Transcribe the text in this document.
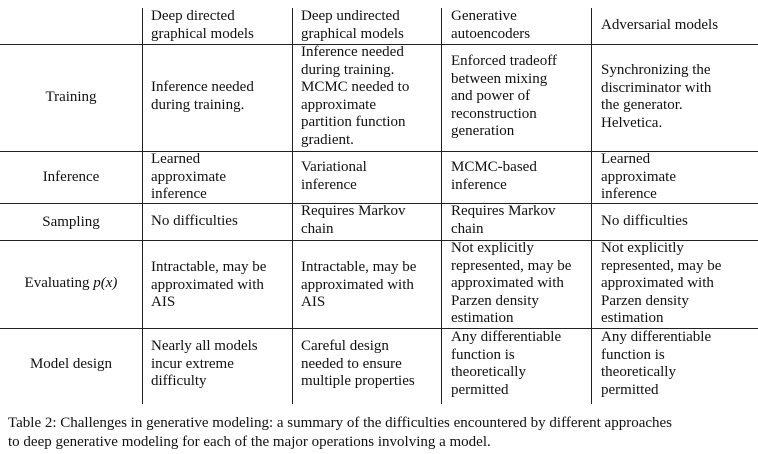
Deep directed
graphical models
Deep undirected
graphical models
Generative
autoencoders
Adversarial models
Training
Inference needed
during training.
Inference needed
during training.
MCMC needed to
approximate
partition function
gradient.
Enforced tradeoff
between mixing
and power of
reconstruction
generation
Synchronizing the
discriminator with
the generator.
Helvetica.
Inference
Learned
approximate
inference
Variational
inference
MCMC-based
inference
Learned
approximate
inference
Sampling	No difficulties
Requires Markov
chain
Requires Markov
chain	No difficulties
Evaluating p(x)
Intractable, may be
approximated with
AIS
Intractable, may be
approximated with
AIS
Not explicitly
represented, may be
approximated with
Parzen density
estimation
Not explicitly
represented, may be
approximated with
Parzen density
estimation
Model design
Nearly all models
incur extreme
difficulty
Careful design
needed to ensure
multiple properties
Any differentiable
function is
theoretically
permitted
Any differentiable
function is
theoretically
permitted
Table 2: Challenges in generative modeling: a summary of the difficulties encountered by different approaches
to deep generative modeling for each of the major operations involving a model.
